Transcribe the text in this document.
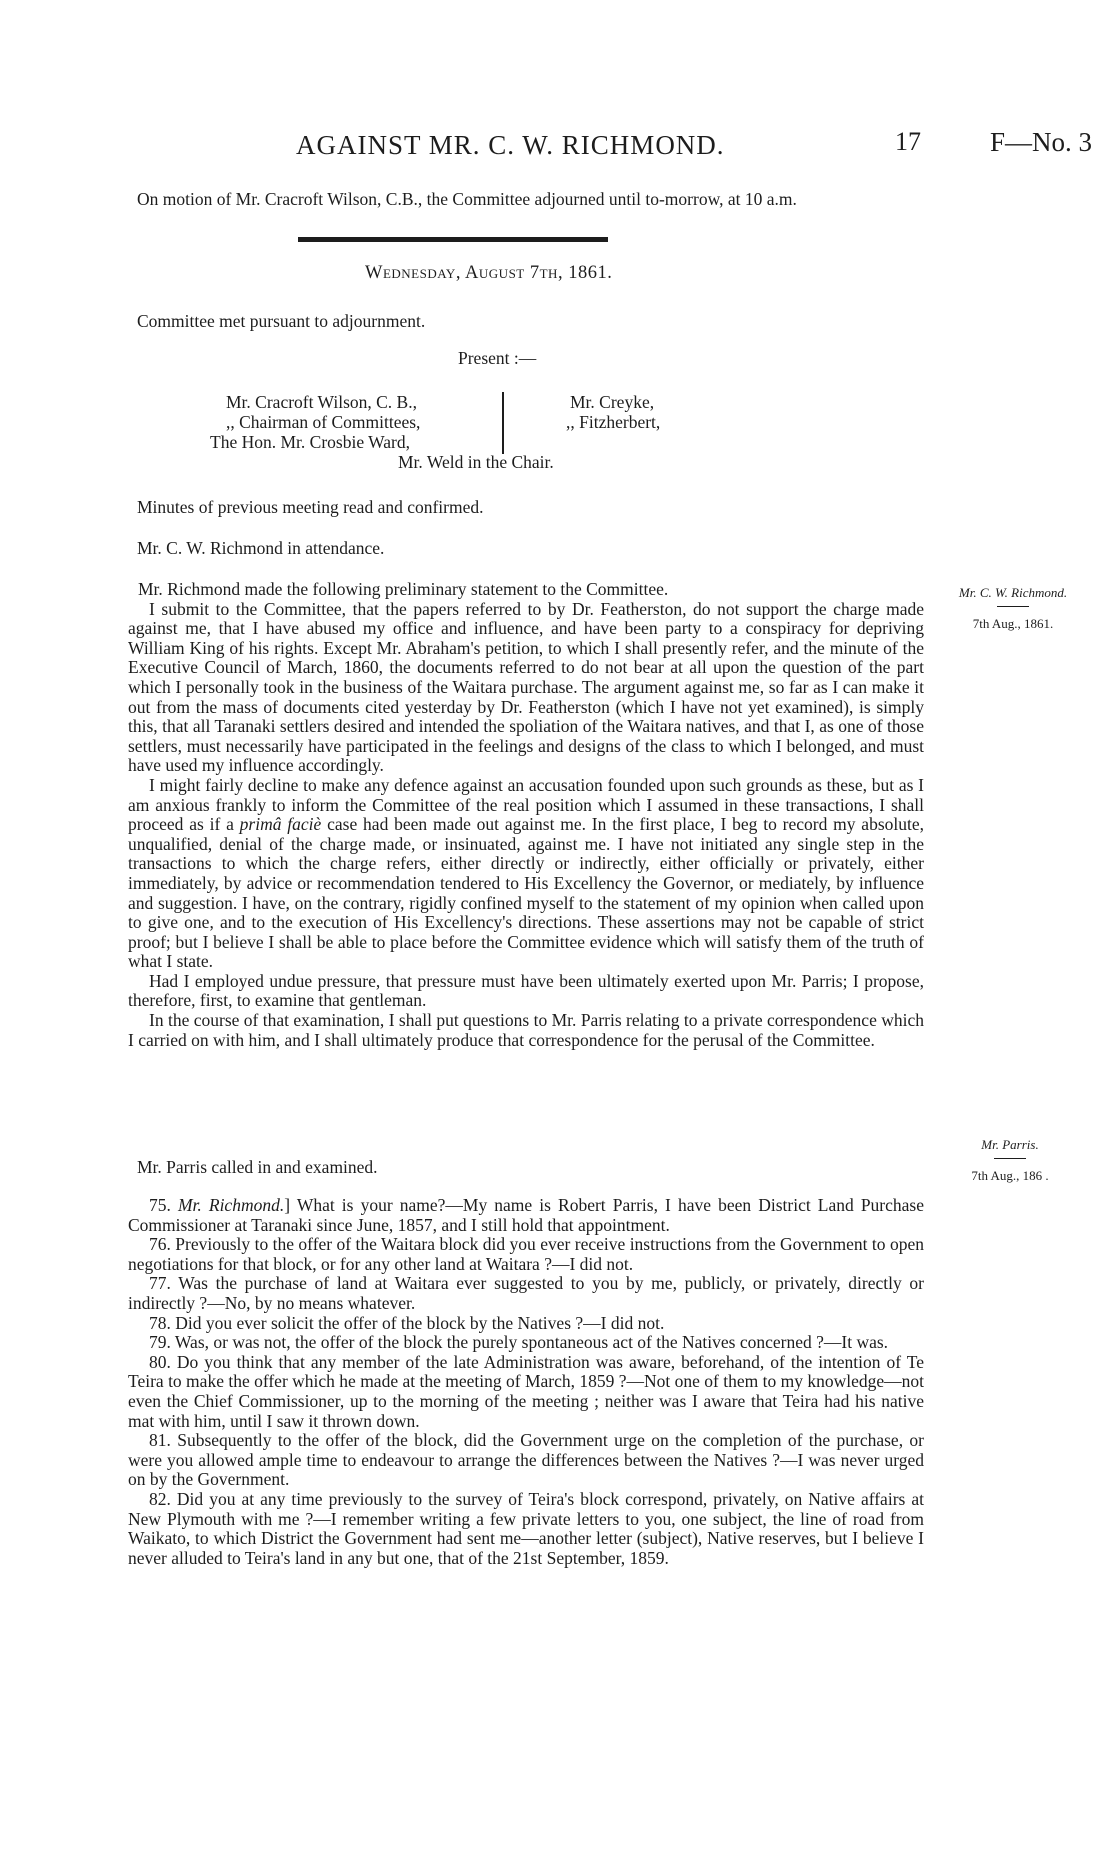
AGAINST MR. C. W. RICHMOND.	17	F—No. 3
On motion of Mr. Cracroft Wilson, C.B., the Committee adjourned until to-morrow, at 10 a.m.
Wednesday, August 7th, 1861.
Committee met pursuant to adjournment.
Present :—
Mr. Cracroft Wilson, C. B.,
,, Chairman of Committees,
The Hon. Mr. Crosbie Ward,
Mr. Creyke,
,, Fitzherbert,
Mr. Weld in the Chair.
Minutes of previous meeting read and confirmed.
Mr. C. W. Richmond in attendance.
Mr. C. W. Richmond.
7th Aug., 1861.
Mr. Parris.
7th Aug., 186 .

Mr. Richmond made the following preliminary statement to the Committee.

I submit to the Committee, that the papers referred to by Dr. Featherston, do not support the charge made against me, that I have abused my office and influence, and have been party to a conspiracy for depriving William King of his rights. Except Mr. Abraham's petition, to which I shall presently refer, and the minute of the Executive Council of March, 1860, the documents referred to do not bear at all upon the question of the part which I personally took in the business of the Waitara purchase. The argument against me, so far as I can make it out from the mass of documents cited yesterday by Dr. Featherston (which I have not yet examined), is simply this, that all Taranaki settlers desired and intended the spoliation of the Waitara natives, and that I, as one of those settlers, must necessarily have participated in the feelings and designs of the class to which I belonged, and must have used my influence accordingly.

I might fairly decline to make any defence against an accusation founded upon such grounds as these, but as I am anxious frankly to inform the Committee of the real position which I assumed in these transactions, I shall proceed as if a primâ faciè case had been made out against me. In the first place, I beg to record my absolute, unqualified, denial of the charge made, or insinuated, against me. I have not initiated any single step in the transactions to which the charge refers, either directly or indirectly, either officially or privately, either immediately, by advice or recommendation tendered to His Excellency the Governor, or mediately, by influence and suggestion. I have, on the contrary, rigidly confined myself to the statement of my opinion when called upon to give one, and to the execution of His Excellency's directions. These assertions may not be capable of strict proof; but I believe I shall be able to place before the Committee evidence which will satisfy them of the truth of what I state.

Had I employed undue pressure, that pressure must have been ultimately exerted upon Mr. Parris; I propose, therefore, first, to examine that gentleman.

In the course of that examination, I shall put questions to Mr. Parris relating to a private correspondence which I carried on with him, and I shall ultimately produce that correspondence for the perusal of the Committee.

Mr. Parris called in and examined.

75. Mr. Richmond.] What is your name?—My name is Robert Parris, I have been District Land Purchase Commissioner at Taranaki since June, 1857, and I still hold that appointment.

76. Previously to the offer of the Waitara block did you ever receive instructions from the Government to open negotiations for that block, or for any other land at Waitara ?—I did not.

77. Was the purchase of land at Waitara ever suggested to you by me, publicly, or privately, directly or indirectly ?—No, by no means whatever.

78. Did you ever solicit the offer of the block by the Natives ?—I did not.

79. Was, or was not, the offer of the block the purely spontaneous act of the Natives concerned ?—It was.

80. Do you think that any member of the late Administration was aware, beforehand, of the intention of Te Teira to make the offer which he made at the meeting of March, 1859 ?—Not one of them to my knowledge—not even the Chief Commissioner, up to the morning of the meeting ; neither was I aware that Teira had his native mat with him, until I saw it thrown down.

81. Subsequently to the offer of the block, did the Government urge on the completion of the purchase, or were you allowed ample time to endeavour to arrange the differences between the Natives ?—I was never urged on by the Government.

82. Did you at any time previously to the survey of Teira's block correspond, privately, on Native affairs at New Plymouth with me ?—I remember writing a few private letters to you, one subject, the line of road from Waikato, to which District the Government had sent me—another letter (subject), Native reserves, but I believe I never alluded to Teira's land in any but one, that of the 21st September, 1859.
